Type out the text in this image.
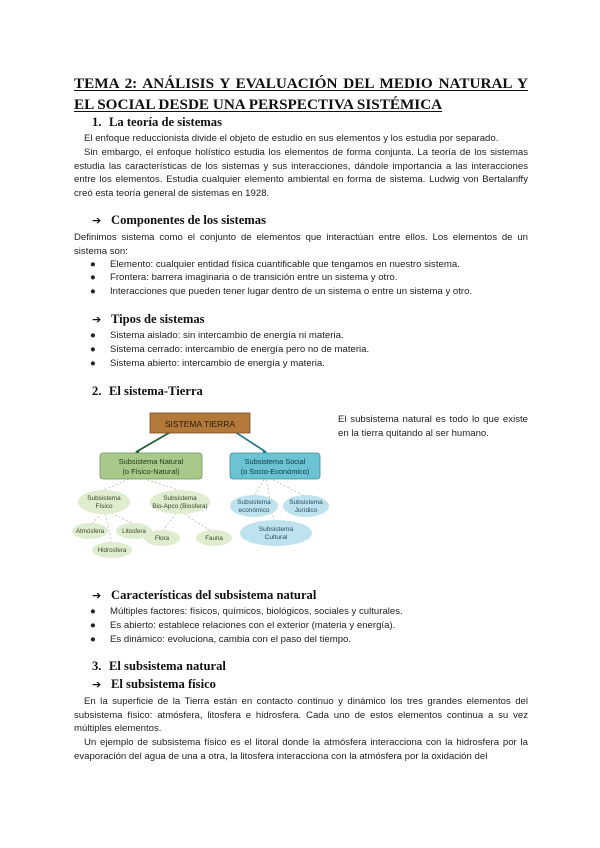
TEMA 2: ANÁLISIS Y EVALUACIÓN DEL MEDIO NATURAL Y EL SOCIAL DESDE UNA PERSPECTIVA SISTÉMICA
1. La teoría de sistemas

El enfoque reduccionista divide el objeto de estudio en sus elementos y los estudia por separado.

Sin embargo, el enfoque holístico estudia los elementos de forma conjunta. La teoría de los sistemas estudia las características de los sistemas y sus interacciones, dándole importancia a las interacciones entre los elementos. Estudia cualquier elemento ambiental en forma de sistema. Ludwig von Bertalanffy creó esta teoría general de sistemas en 1928.

➔ Componentes de los sistemas

Definimos sistema como el conjunto de elementos que interactúan entre ellos. Los elementos de un sistema son:

● Elemento: cualquier entidad física cuantificable que tengamos en nuestro sistema.
● Frontera: barrera imaginaria o de transición entre un sistema y otro.
● Interacciones que pueden tener lugar dentro de un sistema o entre un sistema y otro.
➔ Tipos de sistemas
● Sistema aislado: sin intercambio de energía ni materia.
● Sistema cerrado: intercambio de energía pero no de materia.
● Sistema abierto: intercambio de energía y materia.
2. El sistema-Tierra
SISTEMA TIERRA
Subsistema Natural
(o Físico-Natural)
Subsistema Social
(o Socio-Económico)
Subsistema
Físico
Subsistema
Bio-Apco (Biosfera)
Atmósfera	Litosfera
Hidrosfera
Flora	Fauna
Subsistema
económico
Subsistema
Jurídico
Subsistema
Cultural
El subsistema natural es todo lo que existe en la tierra quitando al ser humano.
➔ Características del subsistema natural
● Múltiples factores: físicos, químicos, biológicos, sociales y culturales.
● Es abierto: establece relaciones con el exterior (materia y energía).
● Es dinámico: evoluciona, cambia con el paso del tiempo.
3. El subsistema natural
➔ El subsistema físico

En la superficie de la Tierra están en contacto continuo y dinámico los tres grandes elementos del subsistema físico: atmósfera, litosfera e hidrosfera. Cada uno de estos elementos continua a su vez múltiples elementos.

Un ejemplo de subsistema físico es el litoral donde la atmósfera interacciona con la hidrosfera por la evaporación del agua de una a otra, la litosfera interacciona con la atmósfera por la oxidación del
